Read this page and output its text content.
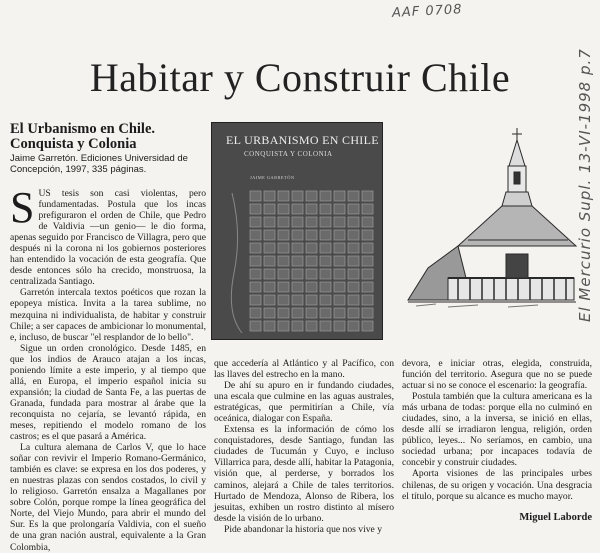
AAF 0708
El Mercurio Supl. 13-VI-1998 p.7
Habitar y Construir Chile
El Urbanismo en Chile. Conquista y Colonia
Jaime Garretón. Ediciones Universidad de Concepción, 1997, 335 páginas.
EL URBANISMO EN CHILE
CONQUISTA Y COLONIA
JAIME GARRETÓN

SUS tesis son casi violentas, pero fundamentadas. Postula que los incas prefiguraron el orden de Chile, que Pedro de Valdivia —un genio— le dio forma, apenas seguido por Francisco de Villagra, pero que después ni la corona ni los gobiernos posteriores han entendido la vocación de esta geografía. Que desde entonces sólo ha crecido, monstruosa, la centralizada Santiago.

Garretón intercala textos poéticos que rozan la epopeya mística. Invita a la tarea sublime, no mezquina ni individualista, de habitar y construir Chile; a ser capaces de ambicionar lo monumental, e, incluso, de buscar "el resplandor de lo bello".

Sigue un orden cronológico. Desde 1485, en que los indios de Arauco atajan a los incas, poniendo límite a este imperio, y al tiempo que allá, en Europa, el imperio español inicia su expansión; la ciudad de Santa Fe, a las puertas de Granada, fundada para mostrar al árabe que la reconquista no cejaría, se levantó rápida, en meses, repitiendo el modelo romano de los castros; es el que pasará a América.

La cultura alemana de Carlos V, que lo hace soñar con revivir el Imperio Romano-Germánico, también es clave: se expresa en los dos poderes, y en nuestras plazas con sendos costados, lo civil y lo religioso. Garretón ensalza a Magallanes por sobre Colón, porque rompe la línea geográfica del Norte, del Viejo Mundo, para abrir el mundo del Sur. Es la que prolongaría Valdivia, con el sueño de una gran nación austral, equivalente a la Gran Colombia,

que accedería al Atlántico y al Pacífico, con las llaves del estrecho en la mano.

De ahí su apuro en ir fundando ciudades, una escala que culmine en las aguas australes, estratégicas, que permitirían a Chile, vía oceánica, dialogar con España.

Extensa es la información de cómo los conquistadores, desde Santiago, fundan las ciudades de Tucumán y Cuyo, e incluso Villarrica para, desde allí, habitar la Patagonia, visión que, al perderse, y borrados los caminos, alejará a Chile de tales territorios. Hurtado de Mendoza, Alonso de Ribera, los jesuitas, exhiben un rostro distinto al mísero desde la visión de lo urbano.

Pide abandonar la historia que nos vive y

devora, e iniciar otras, elegida, construida, función del territorio. Asegura que no se puede actuar si no se conoce el escenario: la geografía.

Postula también que la cultura americana es la más urbana de todas: porque ella no culminó en ciudades, sino, a la inversa, se inició en ellas, desde allí se irradiaron lengua, religión, orden público, leyes... No seríamos, en cambio, una sociedad urbana; por incapaces todavía de concebir y construir ciudades.

Aporta visiones de las principales urbes chilenas, de su origen y vocación. Una desgracia el título, porque su alcance es mucho mayor.

Miguel Laborde
